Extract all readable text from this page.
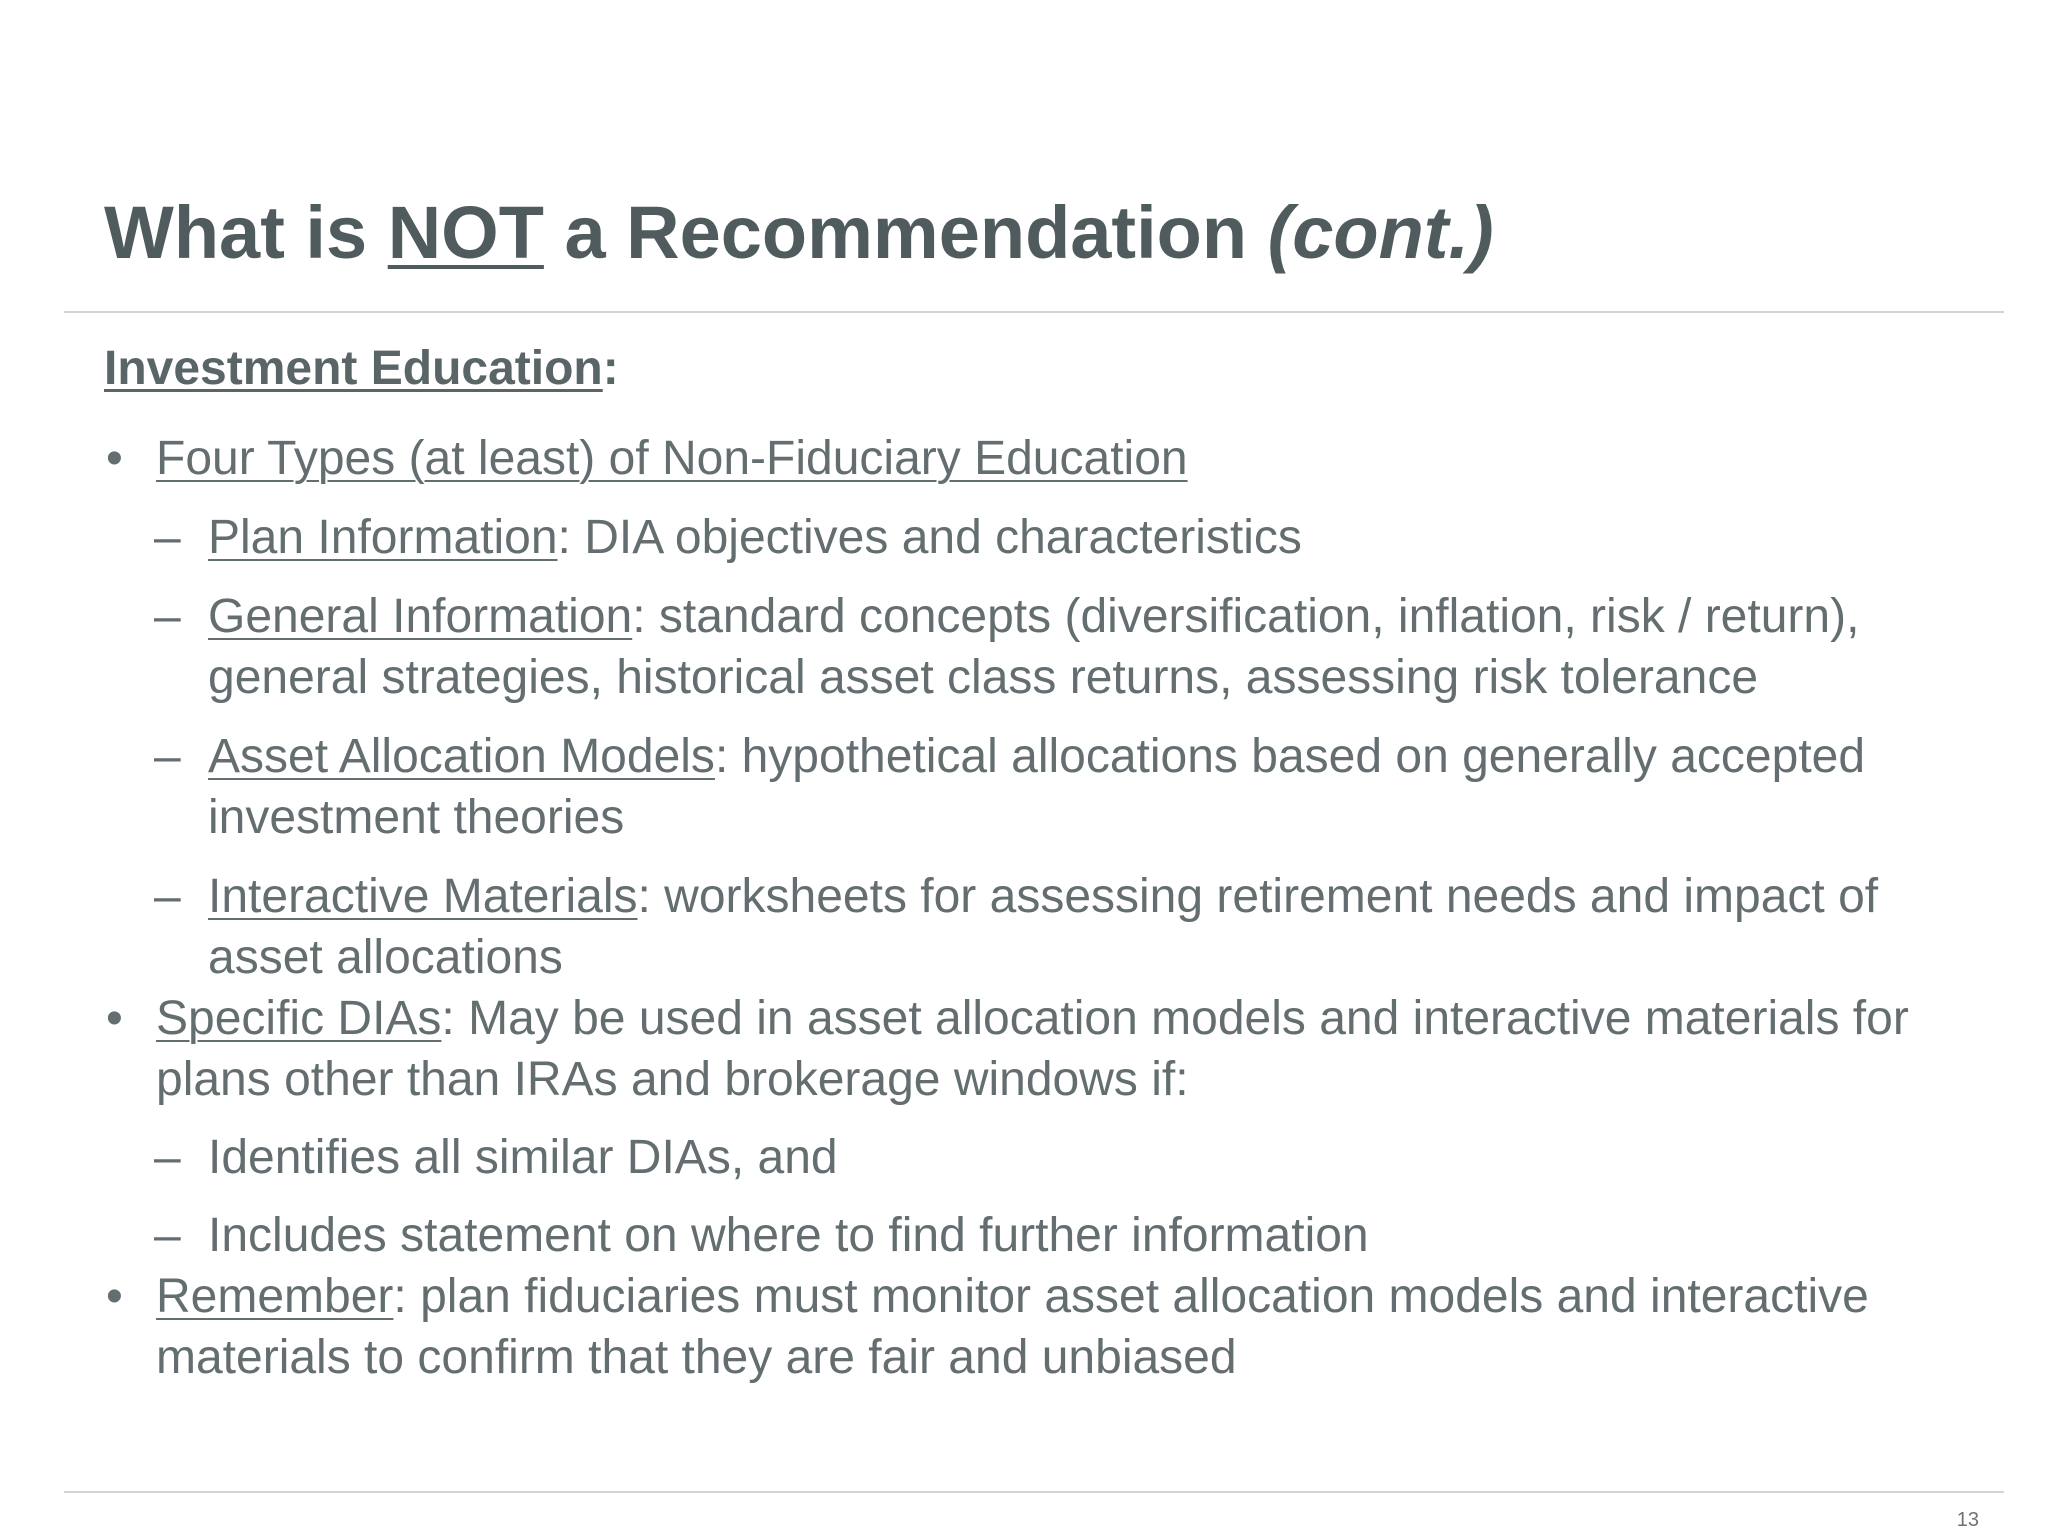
What is NOT a Recommendation (cont.)
Investment Education:
• Four Types (at least) of Non-Fiduciary Education
– Plan Information: DIA objectives and characteristics
– General Information: standard concepts (diversification, inflation, risk / return), general strategies, historical asset class returns, assessing risk tolerance
– Asset Allocation Models: hypothetical allocations based on generally accepted investment theories
– Interactive Materials: worksheets for assessing retirement needs and impact of asset allocations
• Specific DIAs: May be used in asset allocation models and interactive materials for plans other than IRAs and brokerage windows if:
– Identifies all similar DIAs, and
– Includes statement on where to find further information
• Remember: plan fiduciaries must monitor asset allocation models and interactive materials to confirm that they are fair and unbiased
13
